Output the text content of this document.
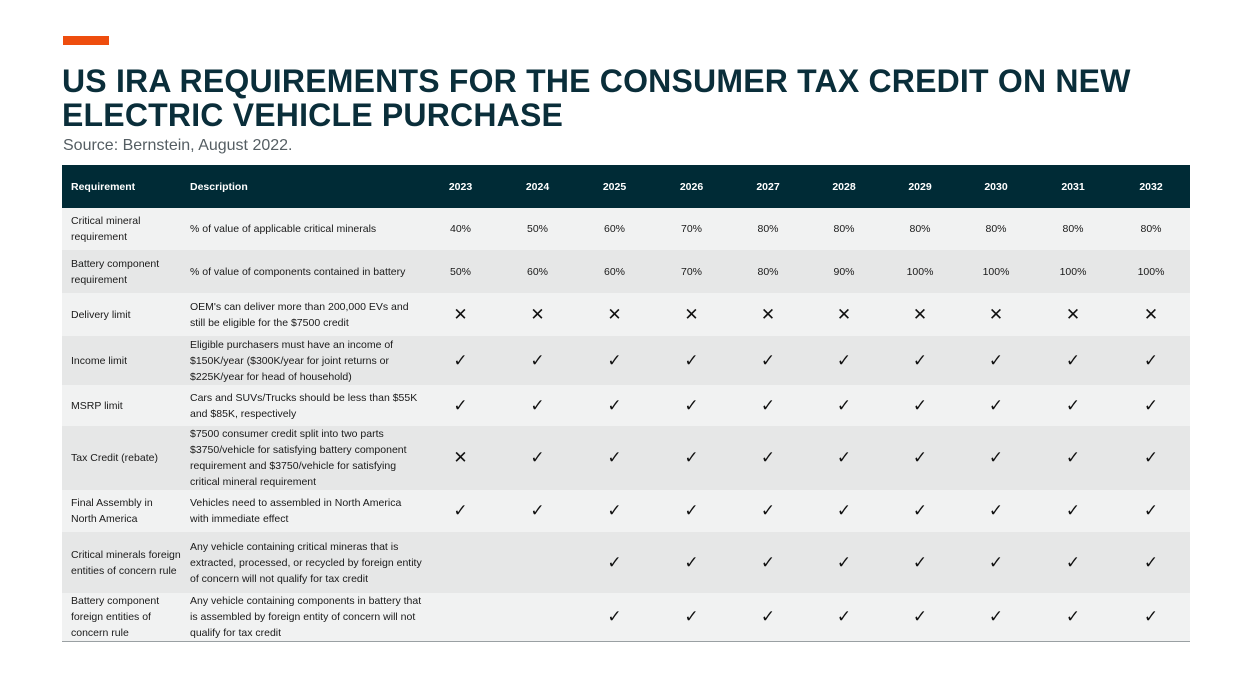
US IRA REQUIREMENTS FOR THE CONSUMER TAX CREDIT ON NEW ELECTRIC VEHICLE PURCHASE
Source: Bernstein, August 2022.
Requirement	Description	2023	2024	2025	2026	2027	2028	2029	2030	2031	2032
Critical mineral requirement	% of value of applicable critical minerals	40%	50%	60%	70%	80%	80%	80%	80%	80%	80%
Battery component requirement	% of value of components contained in battery	50%	60%	60%	70%	80%	90%	100%	100%	100%	100%
Delivery limit	OEM's can deliver more than 200,000 EVs and still be eligible for the $7500 credit	✕	✕	✕	✕	✕	✕	✕	✕	✕	✕
Income limit	Eligible purchasers must have an income of $150K/year ($300K/year for joint returns or $225K/year for head of household)	✓	✓	✓	✓	✓	✓	✓	✓	✓	✓
MSRP limit	Cars and SUVs/Trucks should be less than $55K and $85K, respectively	✓	✓	✓	✓	✓	✓	✓	✓	✓	✓
Tax Credit (rebate)	$7500 consumer credit split into two parts $3750/vehicle for satisfying battery component requirement and $3750/vehicle for satisfying critical mineral requirement	✕	✓	✓	✓	✓	✓	✓	✓	✓	✓
Final Assembly in North America	Vehicles need to assembled in North America with immediate effect	✓	✓	✓	✓	✓	✓	✓	✓	✓	✓
Critical minerals foreign entities of concern rule	Any vehicle containing critical mineras that is extracted, processed, or recycled by foreign entity of concern will not qualify for tax credit			✓	✓	✓	✓	✓	✓	✓	✓
Battery component foreign entities of concern rule	Any vehicle containing components in battery that is assembled by foreign entity of concern will not qualify for tax credit			✓	✓	✓	✓	✓	✓	✓	✓
